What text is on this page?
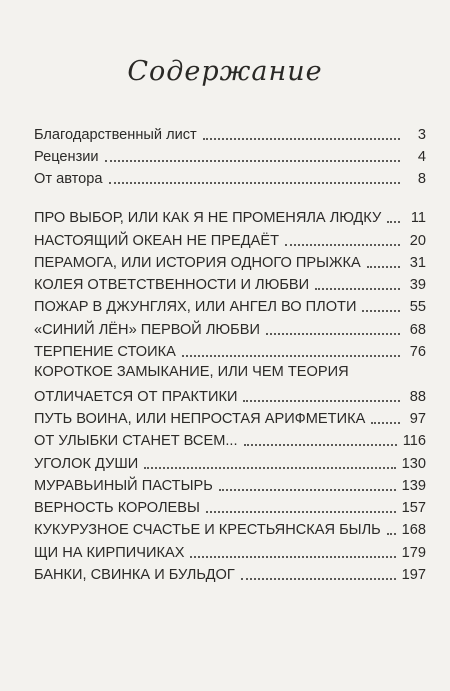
Содержание
Благодарственный лист	3
Рецензии	4
От автора	8
ПРО ВЫБОР, ИЛИ КАК Я НЕ ПРОМЕНЯЛА ЛЮДКУ	11
НАСТОЯЩИЙ ОКЕАН НЕ ПРЕДАЁТ	20
ПЕРАМОГА, ИЛИ ИСТОРИЯ ОДНОГО ПРЫЖКА	31
КОЛЕЯ ОТВЕТСТВЕННОСТИ И ЛЮБВИ	39
ПОЖАР В ДЖУНГЛЯХ, ИЛИ АНГЕЛ ВО ПЛОТИ	55
«СИНИЙ ЛЁН» ПЕРВОЙ ЛЮБВИ	68
ТЕРПЕНИЕ СТОИКА	76
КОРОТКОЕ ЗАМЫКАНИЕ, ИЛИ ЧЕМ ТЕОРИЯ
ОТЛИЧАЕТСЯ ОТ ПРАКТИКИ	88
ПУТЬ ВОИНА, ИЛИ НЕПРОСТАЯ АРИФМЕТИКА	97
ОТ УЛЫБКИ СТАНЕТ ВСЕМ...	116
УГОЛОК ДУШИ	130
МУРАВЬИНЫЙ ПАСТЫРЬ	139
ВЕРНОСТЬ КОРОЛЕВЫ	157
КУКУРУЗНОЕ СЧАСТЬЕ И КРЕСТЬЯНСКАЯ БЫЛЬ 168
ЩИ НА КИРПИЧИКАХ	179
БАНКИ, СВИНКА И БУЛЬДОГ	197
